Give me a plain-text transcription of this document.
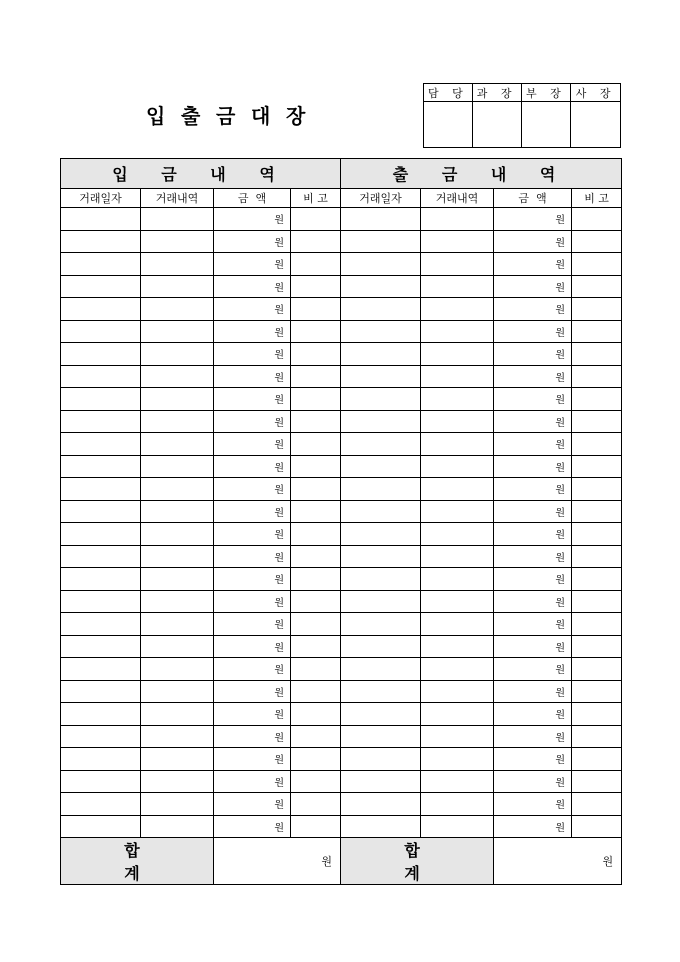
입 출 금 대 장
담 당	과 장	부 장	사 장

입 금 내 역				출 금 내 역			
거래일자	거래내역	금  액	비 고	거래일자	거래내역	금  액	비 고
		원				원	
		원				원	
		원				원	
		원				원	
		원				원	
		원				원	
		원				원	
		원				원	
		원				원	
		원				원	
		원				원	
		원				원	
		원				원	
		원				원	
		원				원	
		원				원	
		원				원	
		원				원	
		원				원	
		원				원	
		원				원	
		원				원	
		원				원	
		원				원	
		원				원	
		원				원	
		원				원	
		원				원	
합 계		원		합 계		원	
